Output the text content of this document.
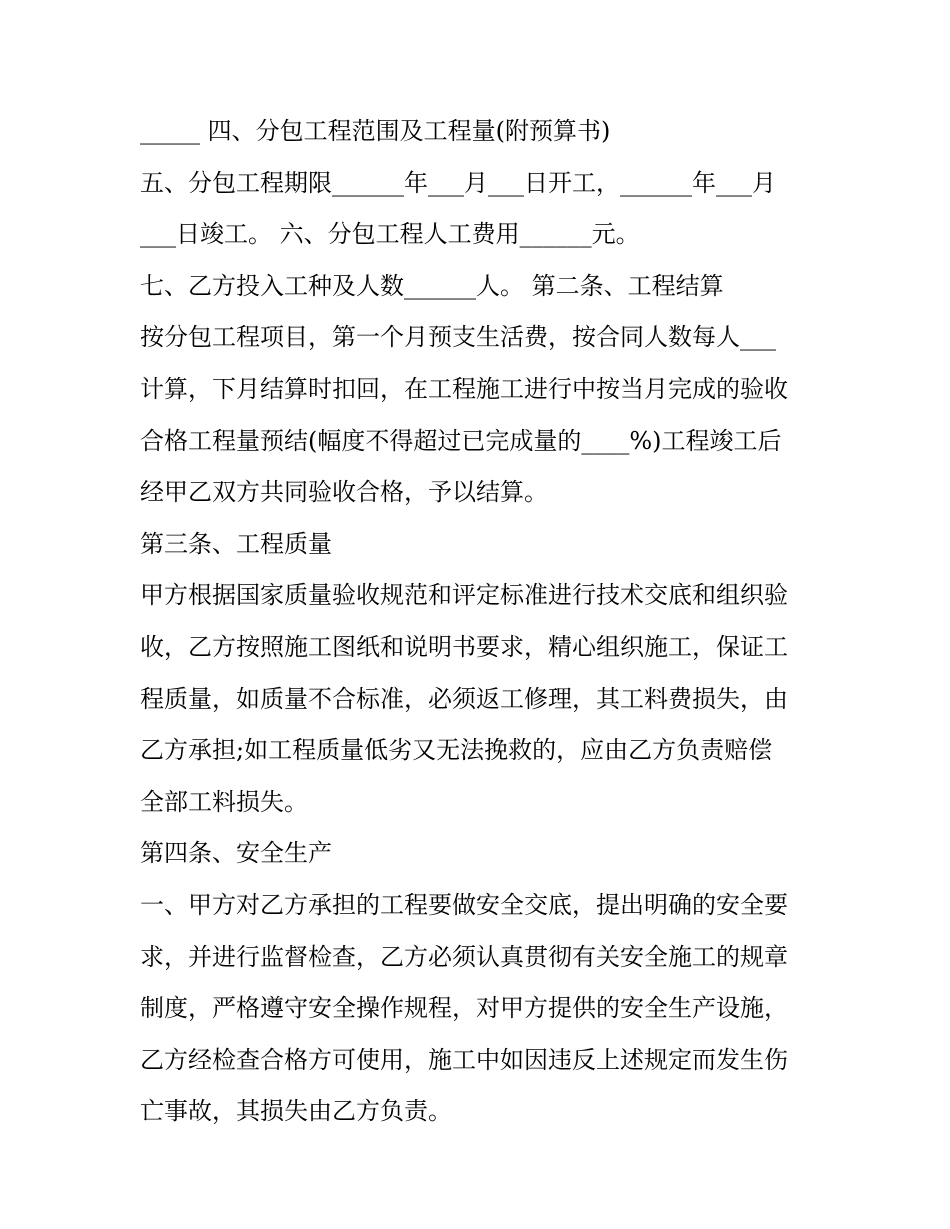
_____ 四、分包工程范围及工程量(附预算书)
五、分包工程期限______年___月___日开工，______年___月
___日竣工。 六、分包工程人工费用______元。
七、乙方投入工种及人数______人。 第二条、工程结算
按分包工程项目，第一个月预支生活费，按合同人数每人___
计算，下月结算时扣回，在工程施工进行中按当月完成的验收
合格工程量预结(幅度不得超过已完成量的____%)工程竣工后
经甲乙双方共同验收合格，予以结算。
第三条、工程质量
甲方根据国家质量验收规范和评定标准进行技术交底和组织验
收，乙方按照施工图纸和说明书要求，精心组织施工，保证工
程质量，如质量不合标准，必须返工修理，其工料费损失，由
乙方承担;如工程质量低劣又无法挽救的，应由乙方负责赔偿
全部工料损失。
第四条、安全生产
一、甲方对乙方承担的工程要做安全交底，提出明确的安全要
求，并进行监督检查，乙方必须认真贯彻有关安全施工的规章
制度，严格遵守安全操作规程，对甲方提供的安全生产设施，
乙方经检查合格方可使用，施工中如因违反上述规定而发生伤
亡事故，其损失由乙方负责。
